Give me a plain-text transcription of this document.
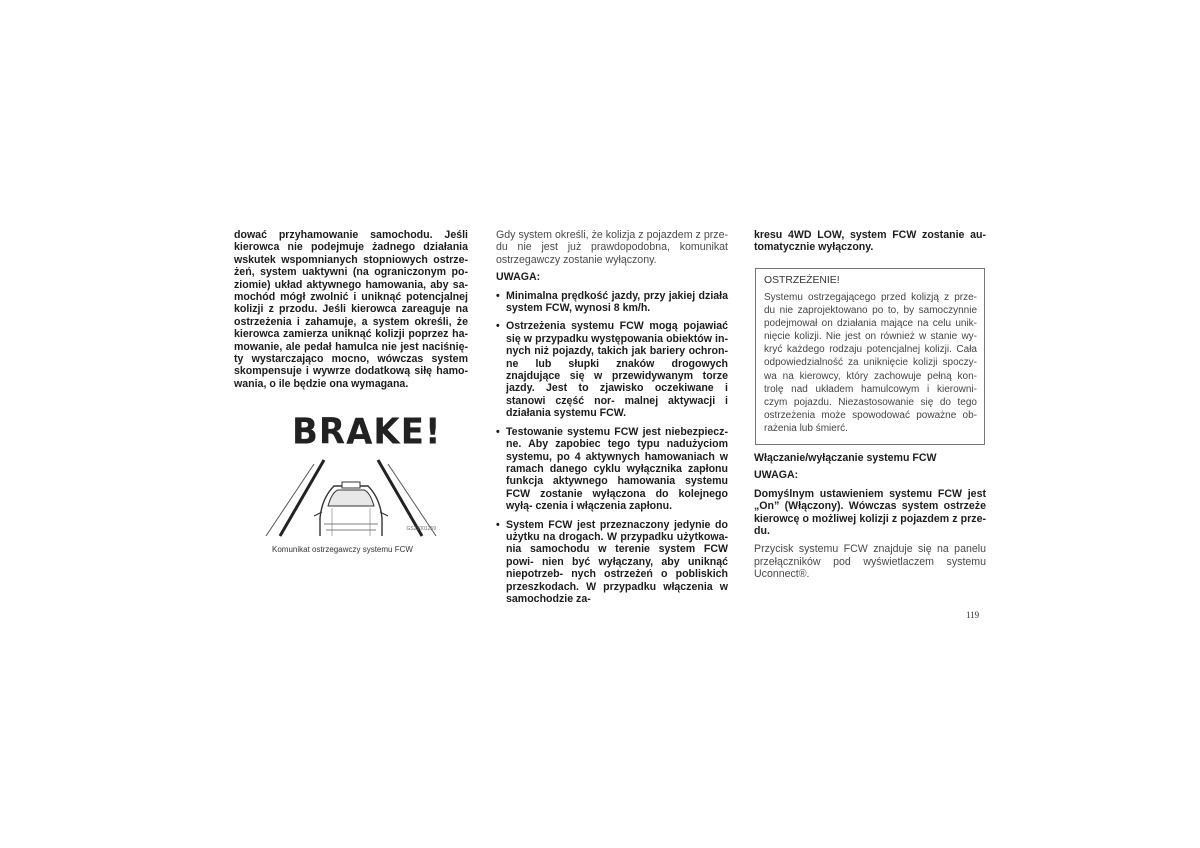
dować przyhamowanie samochodu. Jeśli kierowca nie podejmuje żadnego działania wskutek wspomnianych stopniowych ostrze- żeń, system uaktywni (na ograniczonym po- ziomie) układ aktywnego hamowania, aby sa- mochód mógł zwolnić i uniknąć potencjalnej kolizji z przodu. Jeśli kierowca zareaguje na ostrzeżenia i zahamuje, a system określi, że kierowca zamierza uniknąć kolizji poprzez ha- mowanie, ale pedał hamulca nie jest naciśnię- ty wystarczająco mocno, wówczas system skompensuje i wywrze dodatkową siłę hamo- wania, o ile będzie ona wymagana.

BRAKE!
GS23001259
Komunikat ostrzegawczy systemu FCW

Gdy system określi, że kolizja z pojazdem z prze- du nie jest już prawdopodobna, komunikat ostrzegawczy zostanie wyłączony.

UWAGA:

• Minimalna prędkość jazdy, przy jakiej działa system FCW, wynosi 8 km/h.
• Ostrzeżenia systemu FCW mogą pojawiać się w przypadku występowania obiektów in- nych niż pojazdy, takich jak bariery ochron- ne lub słupki znaków drogowych znajdujące się w przewidywanym torze jazdy. Jest to zjawisko oczekiwane i stanowi część nor- malnej aktywacji i działania systemu FCW.
• Testowanie systemu FCW jest niebezpiecz- ne. Aby zapobiec tego typu nadużyciom systemu, po 4 aktywnych hamowaniach w ramach danego cyklu wyłącznika zapłonu funkcja aktywnego hamowania systemu FCW zostanie wyłączona do kolejnego wyłą- czenia i włączenia zapłonu.
• System FCW jest przeznaczony jedynie do użytku na drogach. W przypadku użytkowa- nia samochodu w terenie system FCW powi- nien być wyłączany, aby uniknąć niepotrzeb- nych ostrzeżeń o pobliskich przeszkodach. W przypadku włączenia w samochodzie za-

kresu 4WD LOW, system FCW zostanie au- tomatycznie wyłączony.

OSTRZEŻENIE!
Systemu ostrzegającego przed kolizją z prze- du nie zaprojektowano po to, by samoczynnie podejmował on działania mające na celu unik- nięcie kolizji. Nie jest on również w stanie wy- kryć każdego rodzaju potencjalnej kolizji. Cała odpowiedzialność za uniknięcie kolizji spoczy- wa na kierowcy, który zachowuje pełną kon- trolę nad układem hamulcowym i kierowni- czym pojazdu. Niezastosowanie się do tego ostrzeżenia może spowodować poważne ob- rażenia lub śmierć.

Włączanie/wyłączanie systemu FCW

UWAGA:

Domyślnym ustawieniem systemu FCW jest „On” (Włączony). Wówczas system ostrzeże kierowcę o możliwej kolizji z pojazdem z prze- du.

Przycisk systemu FCW znajduje się na panelu przełączników pod wyświetlaczem systemu Uconnect®.

119
